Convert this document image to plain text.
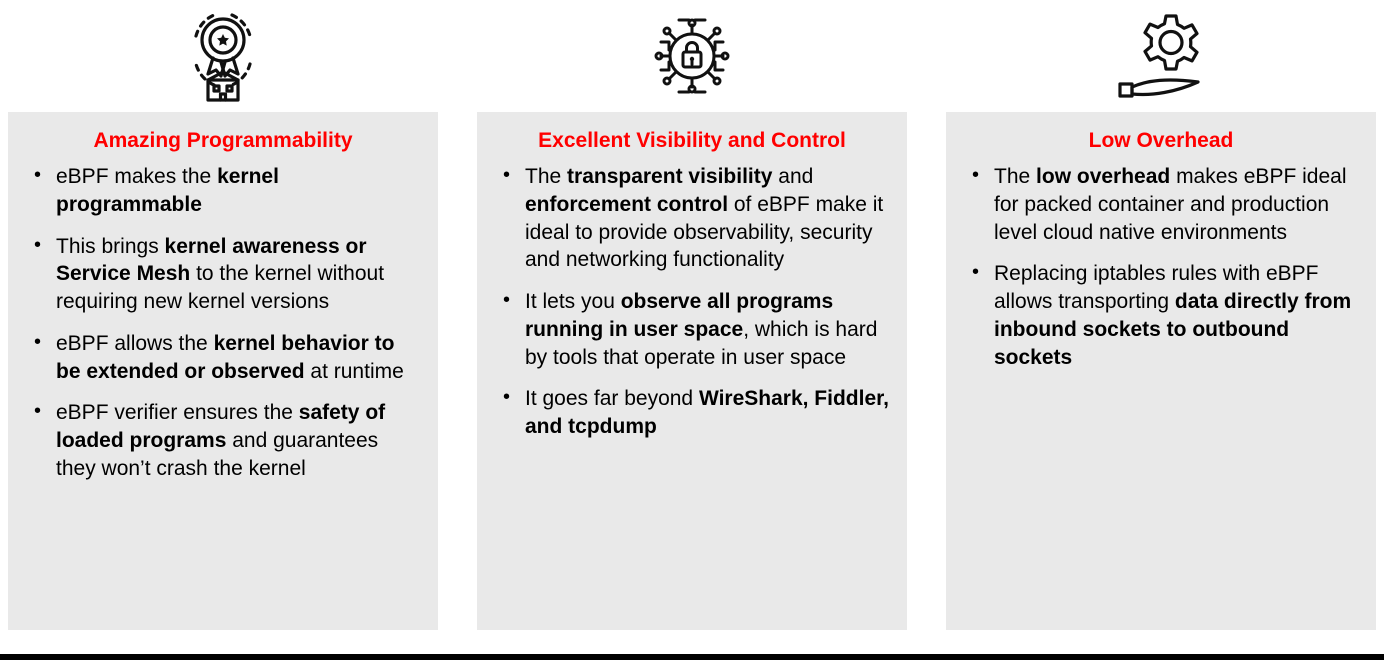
Amazing Programmability
• eBPF makes the kernel programmable
• This brings kernel awareness or Service Mesh to the kernel without requiring new kernel versions
• eBPF allows the kernel behavior to be extended or observed at runtime
• eBPF verifier ensures the safety of loaded programs and guarantees they won’t crash the kernel
Excellent Visibility and Control
• The transparent visibility and enforcement control of eBPF make it ideal to provide observability, security and networking functionality
• It lets you observe all programs running in user space, which is hard by tools that operate in user space
• It goes far beyond WireShark, Fiddler, and tcpdump
Low Overhead
• The low overhead makes eBPF ideal for packed container and production level cloud native environments
• Replacing iptables rules with eBPF allows transporting data directly from inbound sockets to outbound sockets
